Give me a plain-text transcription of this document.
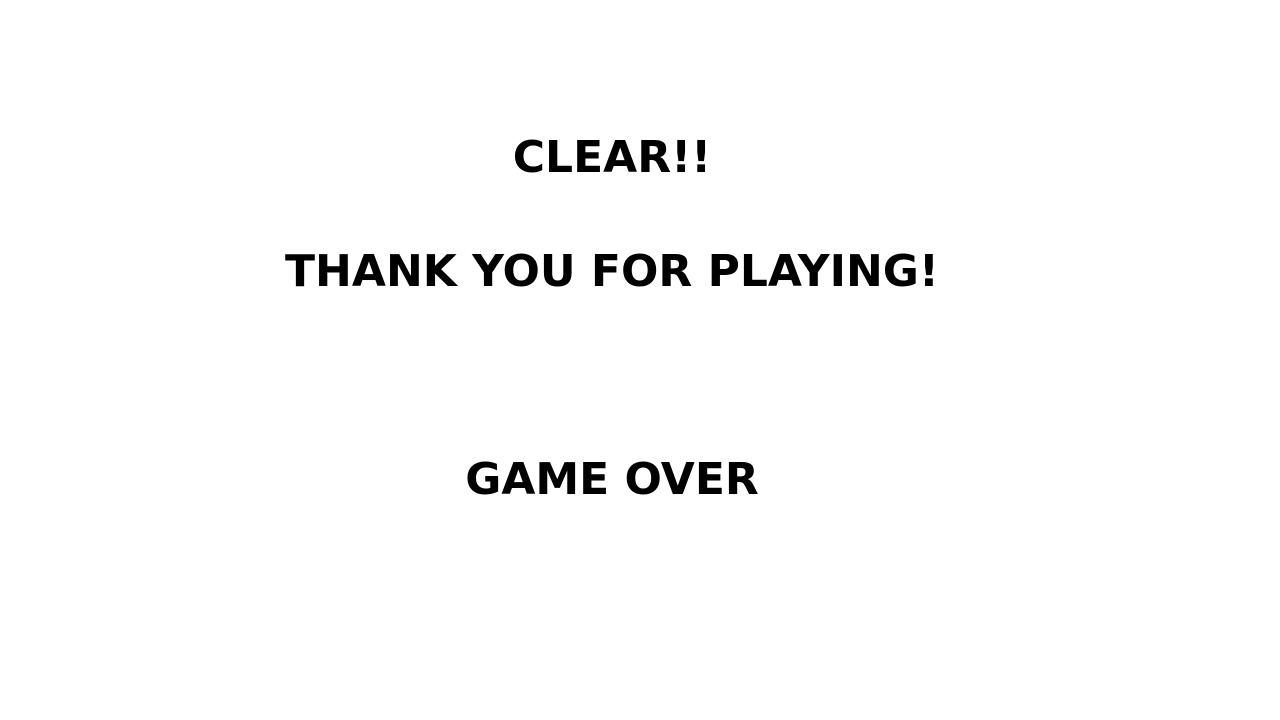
CLEAR!!
THANK YOU FOR PLAYING!
GAME OVER
